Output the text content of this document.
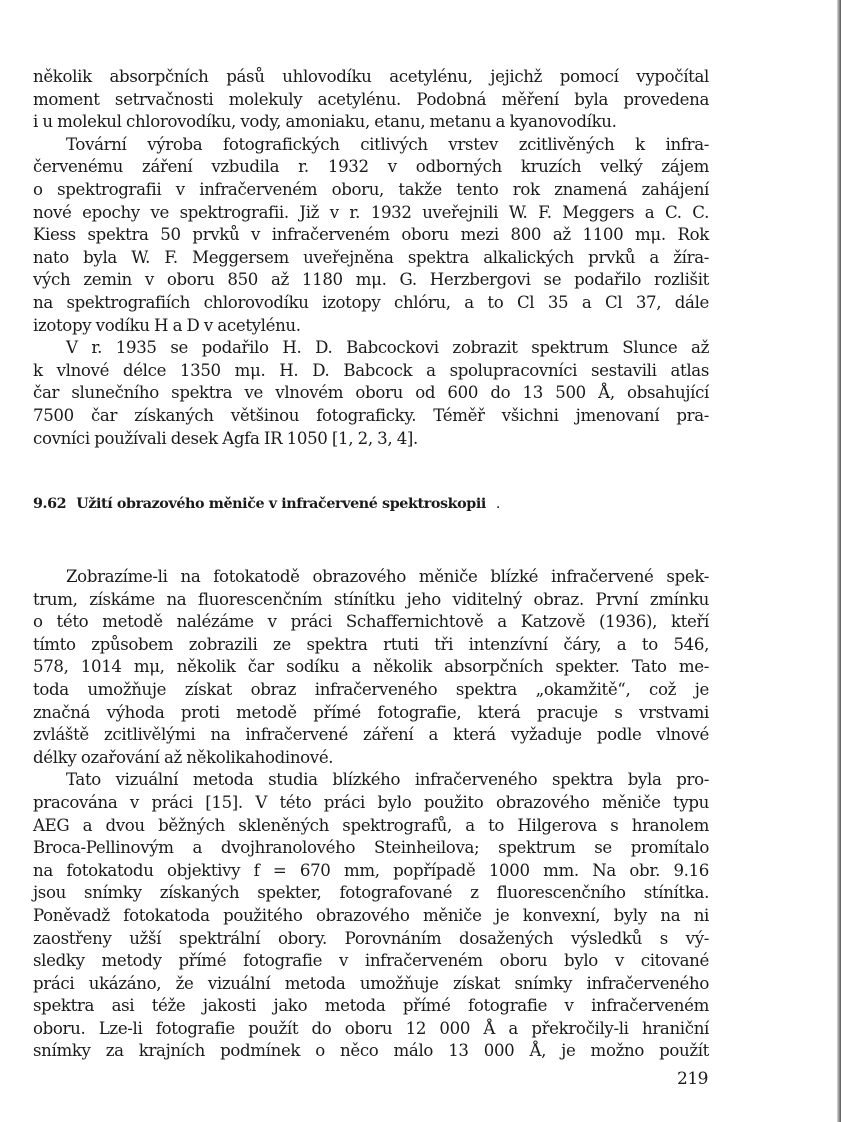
několik absorpčních pásů uhlovodíku acetylénu, jejichž pomocí vypočítal
moment setrvačnosti molekuly acetylénu. Podobná měření byla provedena
i u molekul chlorovodíku, vody, amoniaku, etanu, metanu a kyanovodíku.
Tovární výroba fotografických citlivých vrstev zcitlivěných k infra-
červenému záření vzbudila r. 1932 v odborných kruzích velký zájem
o spektrografii v infračerveném oboru, takže tento rok znamená zahájení
nové epochy ve spektrografii. Již v r. 1932 uveřejnili W. F. Meggers a C. C.
Kiess spektra 50 prvků v infračerveném oboru mezi 800 až 1100 mμ. Rok
nato byla W. F. Meggersem uveřejněna spektra alkalických prvků a žíra-
vých zemin v oboru 850 až 1180 mμ. G. Herzbergovi se podařilo rozlišit
na spektrografiích chlorovodíku izotopy chlóru, a to Cl 35 a Cl 37, dále
izotopy vodíku H a D v acetylénu.
V r. 1935 se podařilo H. D. Babcockovi zobrazit spektrum Slunce až
k vlnové délce 1350 mμ. H. D. Babcock a spolupracovníci sestavili atlas
čar slunečního spektra ve vlnovém oboru od 600 do 13 500 Å, obsahující
7500 čar získaných většinou fotograficky. Téměř všichni jmenovaní pra-
covníci používali desek Agfa IR 1050 [1, 2, 3, 4].
9.62 Užití obrazového měniče v infračervené spektroskopii .
Zobrazíme-li na fotokatodě obrazového měniče blízké infračervené spek-
trum, získáme na fluorescenčním stínítku jeho viditelný obraz. První zmínku
o této metodě nalézáme v práci Schaffernichtově a Katzově (1936), kteří
tímto způsobem zobrazili ze spektra rtuti tři intenzívní čáry, a to 546,
578, 1014 mμ, několik čar sodíku a několik absorpčních spekter. Tato me-
toda umožňuje získat obraz infračerveného spektra „okamžitě“, což je
značná výhoda proti metodě přímé fotografie, která pracuje s vrstvami
zvláště zcitlivělými na infračervené záření a která vyžaduje podle vlnové
délky ozařování až několikahodinové.
Tato vizuální metoda studia blízkého infračerveného spektra byla pro-
pracována v práci [15]. V této práci bylo použito obrazového měniče typu
AEG a dvou běžných skleněných spektrografů, a to Hilgerova s hranolem
Broca-Pellinovým a dvojhranolového Steinheilova; spektrum se promítalo
na fotokatodu objektivy f = 670 mm, popřípadě 1000 mm. Na obr. 9.16
jsou snímky získaných spekter, fotografované z fluorescenčního stínítka.
Poněvadž fotokatoda použitého obrazového měniče je konvexní, byly na ni
zaostřeny užší spektrální obory. Porovnáním dosažených výsledků s vý-
sledky metody přímé fotografie v infračerveném oboru bylo v citované
práci ukázáno, že vizuální metoda umožňuje získat snímky infračerveného
spektra asi téže jakosti jako metoda přímé fotografie v infračerveném
oboru. Lze-li fotografie použít do oboru 12 000 Å a překročily-li hraniční
snímky za krajních podmínek o něco málo 13 000 Å, je možno použít
219
